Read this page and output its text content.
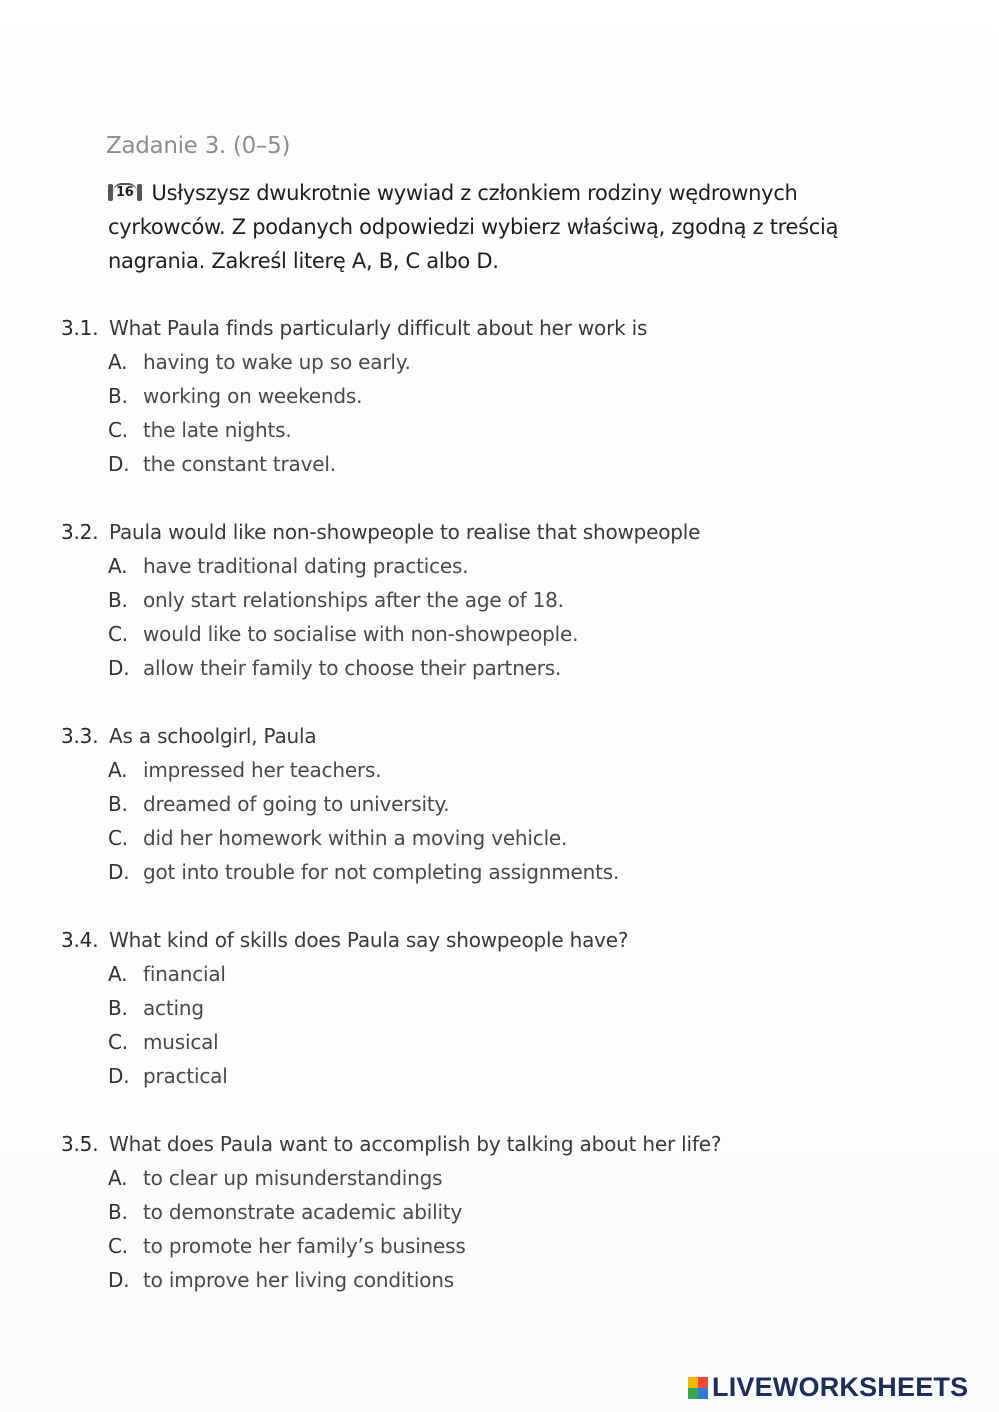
Zadanie 3. (0–5)
16 Usłyszysz dwukrotnie wywiad z członkiem rodziny wędrownych cyrkowców. Z podanych odpowiedzi wybierz właściwą, zgodną z treścią nagrania. Zakreśl literę A, B, C albo D.
3.1. What Paula finds particularly difficult about her work is
A. having to wake up so early.
B. working on weekends.
C. the late nights.
D. the constant travel.
3.2. Paula would like non-showpeople to realise that showpeople
A. have traditional dating practices.
B. only start relationships after the age of 18.
C. would like to socialise with non-showpeople.
D. allow their family to choose their partners.
3.3. As a schoolgirl, Paula
A. impressed her teachers.
B. dreamed of going to university.
C. did her homework within a moving vehicle.
D. got into trouble for not completing assignments.
3.4. What kind of skills does Paula say showpeople have?
A. financial
B. acting
C. musical
D. practical
3.5. What does Paula want to accomplish by talking about her life?
A. to clear up misunderstandings
B. to demonstrate academic ability
C. to promote her family’s business
D. to improve her living conditions
LIVEWORKSHEETS
